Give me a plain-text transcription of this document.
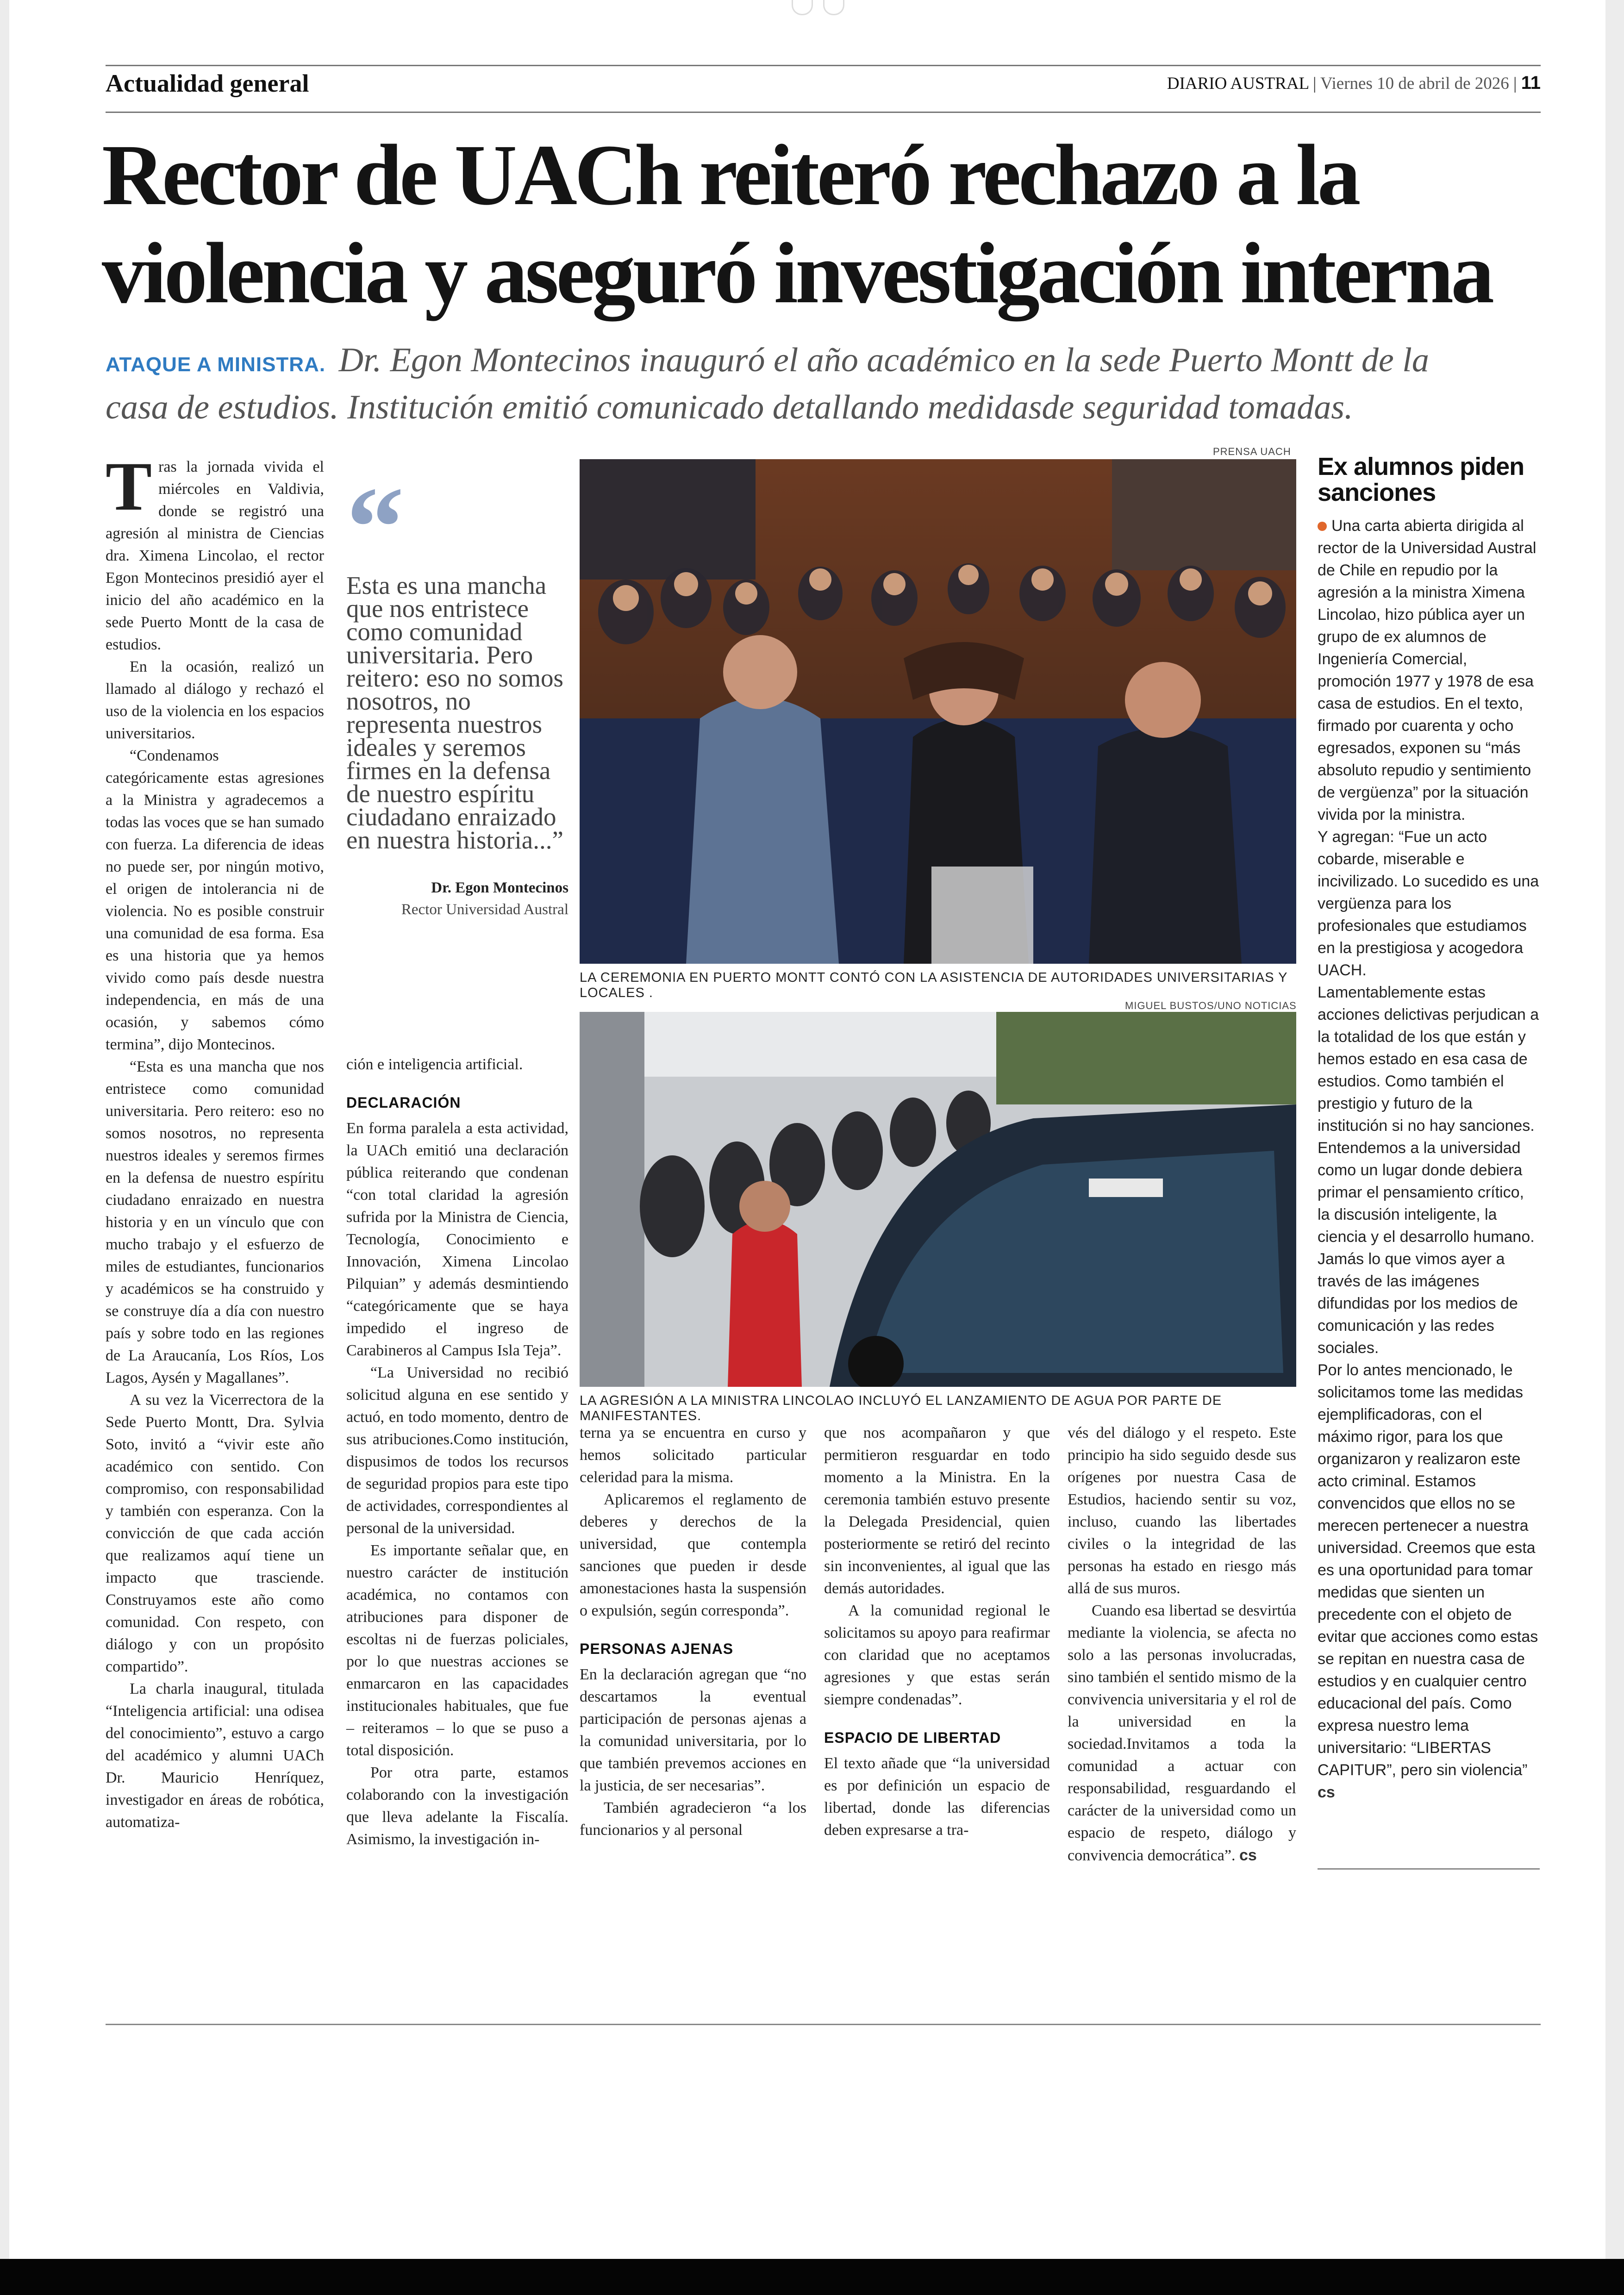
Actualidad general	DIARIO AUSTRAL | Viernes 10 de abril de 2026 | 11
Rector de UACh reiteró rechazo a la
violencia y aseguró investigación interna
ATAQUE A MINISTRA. Dr. Egon Montecinos inauguró el año académico en la sede Puerto Montt de la
casa de estudios. Institución emitió comunicado detallando medidasde seguridad tomadas.

Tras la jornada vivida el miércoles en Valdivia, donde se registró una agresión al ministra de Ciencias dra. Ximena Lincolao, el rector Egon Montecinos presidió ayer el inicio del año académico en la sede Puerto Montt de la casa de estudios.

En la ocasión, realizó un llamado al diálogo y rechazó el uso de la violencia en los espacios universitarios.

“Condenamos categóricamente estas agresiones a la Ministra y agradecemos a todas las voces que se han sumado con fuerza. La diferencia de ideas no puede ser, por ningún motivo, el origen de intolerancia ni de violencia. No es posible construir una comunidad de esa forma. Esa es una historia que ya hemos vivido como país desde nuestra independencia, en más de una ocasión, y sabemos cómo termina”, dijo Montecinos.

“Esta es una mancha que nos entristece como comunidad universitaria. Pero reitero: eso no somos nosotros, no representa nuestros ideales y seremos firmes en la defensa de nuestro espíritu ciudadano enraizado en nuestra historia y en un vínculo que con mucho trabajo y el esfuerzo de miles de estudiantes, funcionarios y académicos se ha construido y se construye día a día con nuestro país y sobre todo en las regiones de La Araucanía, Los Ríos, Los Lagos, Aysén y Magallanes”.

A su vez la Vicerrectora de la Sede Puerto Montt, Dra. Sylvia Soto, invitó a “vivir este año académico con sentido. Con compromiso, con responsabilidad y también con esperanza. Con la convicción de que cada acción que realizamos aquí tiene un impacto que trasciende. Construyamos este año como comunidad. Con respeto, con diálogo y con un propósito compartido”.

La charla inaugural, titulada “Inteligencia artificial: una odisea del conocimiento”, estuvo a cargo del académico y alumni UACh Dr. Mauricio Henríquez, investigador en áreas de robótica, automatiza-

“
Esta es una mancha que nos entristece como comunidad universitaria. Pero reitero: eso no somos nosotros, no representa nuestros ideales y seremos firmes en la defensa de nuestro espíritu ciudadano enraizado en nuestra historia...”
Dr. Egon Montecinos
Rector Universidad Austral

ción e inteligencia artificial.

DECLARACIÓN

En forma paralela a esta actividad, la UACh emitió una declaración pública reiterando que condenan “con total claridad la agresión sufrida por la Ministra de Ciencia, Tecnología, Conocimiento e Innovación, Ximena Lincolao Pilquian” y además desmintiendo “categóricamente que se haya impedido el ingreso de Carabineros al Campus Isla Teja”.

“La Universidad no recibió solicitud alguna en ese sentido y actuó, en todo momento, dentro de sus atribuciones.Como institución, dispusimos de todos los recursos de seguridad propios para este tipo de actividades, correspondientes al personal de la universidad.

Es importante señalar que, en nuestro carácter de institución académica, no contamos con atribuciones para disponer de escoltas ni de fuerzas policiales, por lo que nuestras acciones se enmarcaron en las capacidades institucionales habituales, que fue – reiteramos – lo que se puso a total disposición.

Por otra parte, estamos colaborando con la investigación que lleva adelante la Fiscalía. Asimismo, la investigación in-

PRENSA UACH
LA CEREMONIA EN PUERTO MONTT CONTÓ CON LA ASISTENCIA DE AUTORIDADES UNIVERSITARIAS Y LOCALES .
MIGUEL BUSTOS/UNO NOTICIAS
LA AGRESIÓN A LA MINISTRA LINCOLAO INCLUYÓ EL LANZAMIENTO DE AGUA POR PARTE DE MANIFESTANTES.

terna ya se encuentra en curso y hemos solicitado particular celeridad para la misma.

Aplicaremos el reglamento de deberes y derechos de la universidad, que contempla sanciones que pueden ir desde amonestaciones hasta la suspensión o expulsión, según corresponda”.

PERSONAS AJENAS

En la declaración agregan que “no descartamos la eventual participación de personas ajenas a la comunidad universitaria, por lo que también prevemos acciones en la justicia, de ser necesarias”.

También agradecieron “a los funcionarios y al personal

que nos acompañaron y que permitieron resguardar en todo momento a la Ministra. En la ceremonia también estuvo presente la Delegada Presidencial, quien posteriormente se retiró del recinto sin inconvenientes, al igual que las demás autoridades.

A la comunidad regional le solicitamos su apoyo para reafirmar con claridad que no aceptamos agresiones y que estas serán siempre condenadas”.

ESPACIO DE LIBERTAD

El texto añade que “la universidad es por definición un espacio de libertad, donde las diferencias deben expresarse a tra-

vés del diálogo y el respeto. Este principio ha sido seguido desde sus orígenes por nuestra Casa de Estudios, haciendo sentir su voz, incluso, cuando las libertades civiles o la integridad de las personas ha estado en riesgo más allá de sus muros.

Cuando esa libertad se desvirtúa mediante la violencia, se afecta no solo a las personas involucradas, sino también el sentido mismo de la convivencia universitaria y el rol de la universidad en la sociedad.Invitamos a toda la comunidad a actuar con responsabilidad, resguardando el carácter de la universidad como un espacio de respeto, diálogo y convivencia democrática”. cs

Ex alumnos piden sanciones

Una carta abierta dirigida al rector de la Universidad Austral de Chile en repudio por la agresión a la ministra Ximena Lincolao, hizo pública ayer un grupo de ex alumnos de Ingeniería Comercial, promoción 1977 y 1978 de esa casa de estudios. En el texto, firmado por cuarenta y ocho egresados, exponen su “más absoluto repudio y sentimiento de vergüenza” por la situación vivida por la ministra.

Y agregan: “Fue un acto cobarde, miserable e incivilizado. Lo sucedido es una vergüenza para los profesionales que estudiamos en la prestigiosa y acogedora UACH.

Lamentablemente estas acciones delictivas perjudican a la totalidad de los que están y hemos estado en esa casa de estudios. Como también el prestigio y futuro de la institución si no hay sanciones.

Entendemos a la universidad como un lugar donde debiera primar el pensamiento crítico, la discusión inteligente, la ciencia y el desarrollo humano. Jamás lo que vimos ayer a través de las imágenes difundidas por los medios de comunicación y las redes sociales.

Por lo antes mencionado, le solicitamos tome las medidas ejemplificadoras, con el máximo rigor, para los que organizaron y realizaron este acto criminal. Estamos convencidos que ellos no se merecen pertenecer a nuestra universidad. Creemos que esta es una oportunidad para tomar medidas que sienten un precedente con el objeto de evitar que acciones como estas se repitan en nuestra casa de estudios y en cualquier centro educacional del país. Como expresa nuestro lema universitario: “LIBERTAS CAPITUR”, pero sin violencia” cs
